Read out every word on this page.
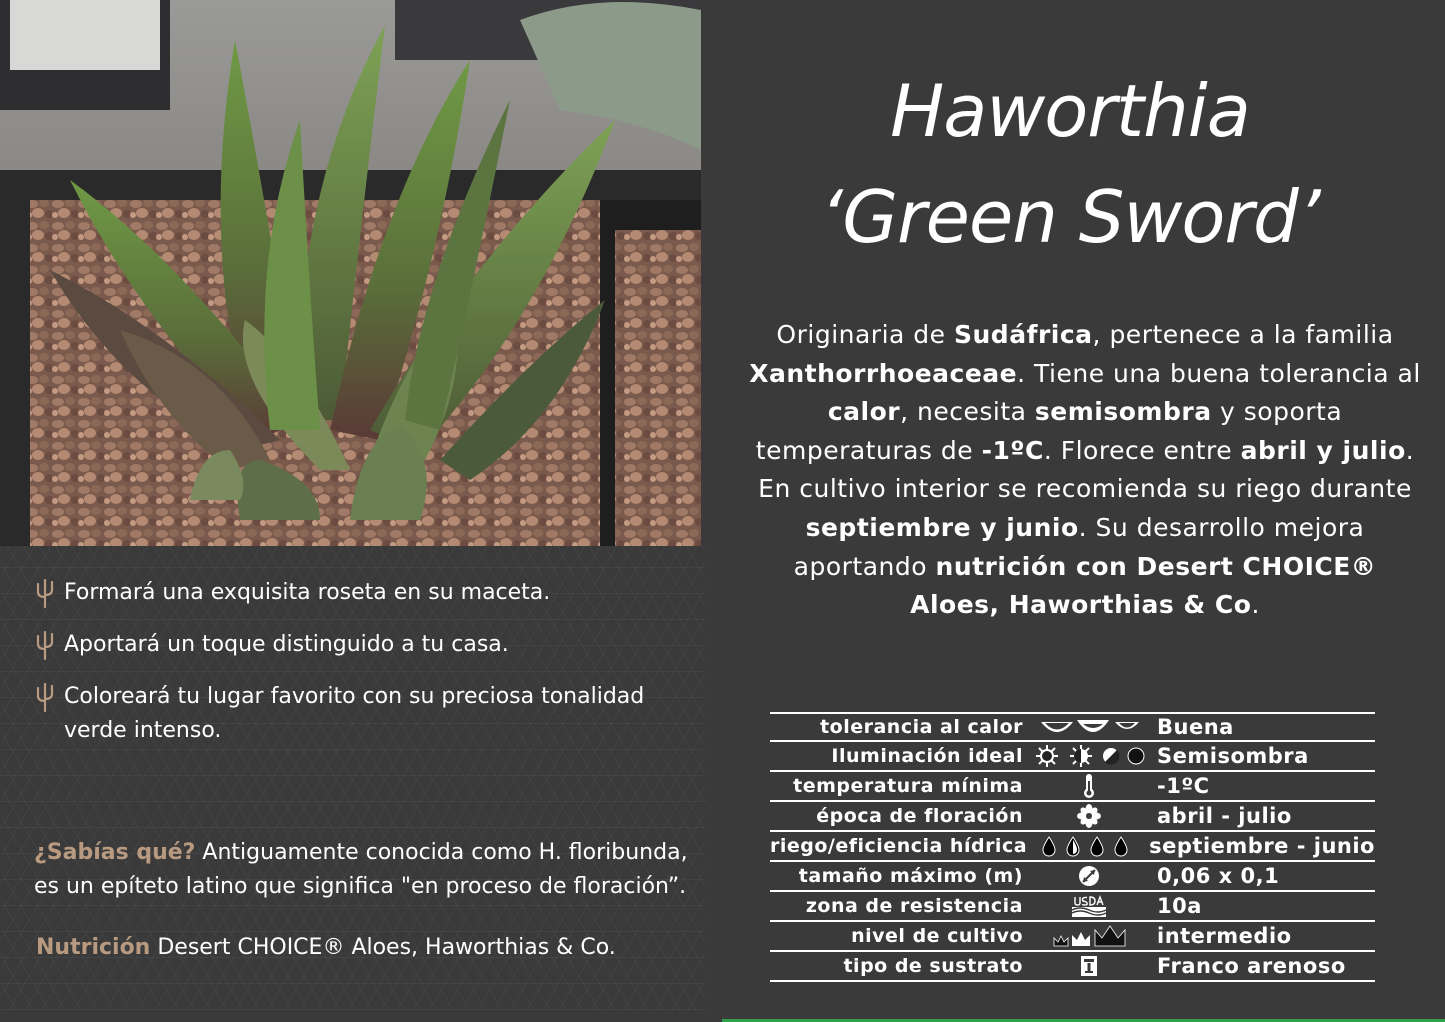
Formará una exquisita roseta en su maceta.
Aportará un toque distinguido a tu casa.
Coloreará tu lugar favorito con su preciosa tonalidad verde intenso.
¿Sabías qué? Antiguamente conocida como H. floribunda, es un epíteto latino que significa "en proceso de floración”.
Nutrición Desert CHOICE® Aloes, Haworthias & Co.
Haworthia
‘Green Sword’
Originaria de Sudáfrica, pertenece a la familia Xanthorrhoeaceae. Tiene una buena tolerancia al calor, necesita semisombra y soporta temperaturas de -1ºC. Florece entre abril y julio. En cultivo interior se recomienda su riego durante septiembre y junio. Su desarrollo mejora aportando nutrición con Desert CHOICE® Aloes, Haworthias & Co.
tolerancia al calor	Buena
Iluminación ideal	Semisombra
temperatura mínima	-1ºC
época de floración	abril - julio
riego/eficiencia hídrica	septiembre - junio
tamaño máximo (m)	0,06 x 0,1
zona de resistencia	10a
nivel de cultivo	intermedio
tipo de sustrato	Franco arenoso
